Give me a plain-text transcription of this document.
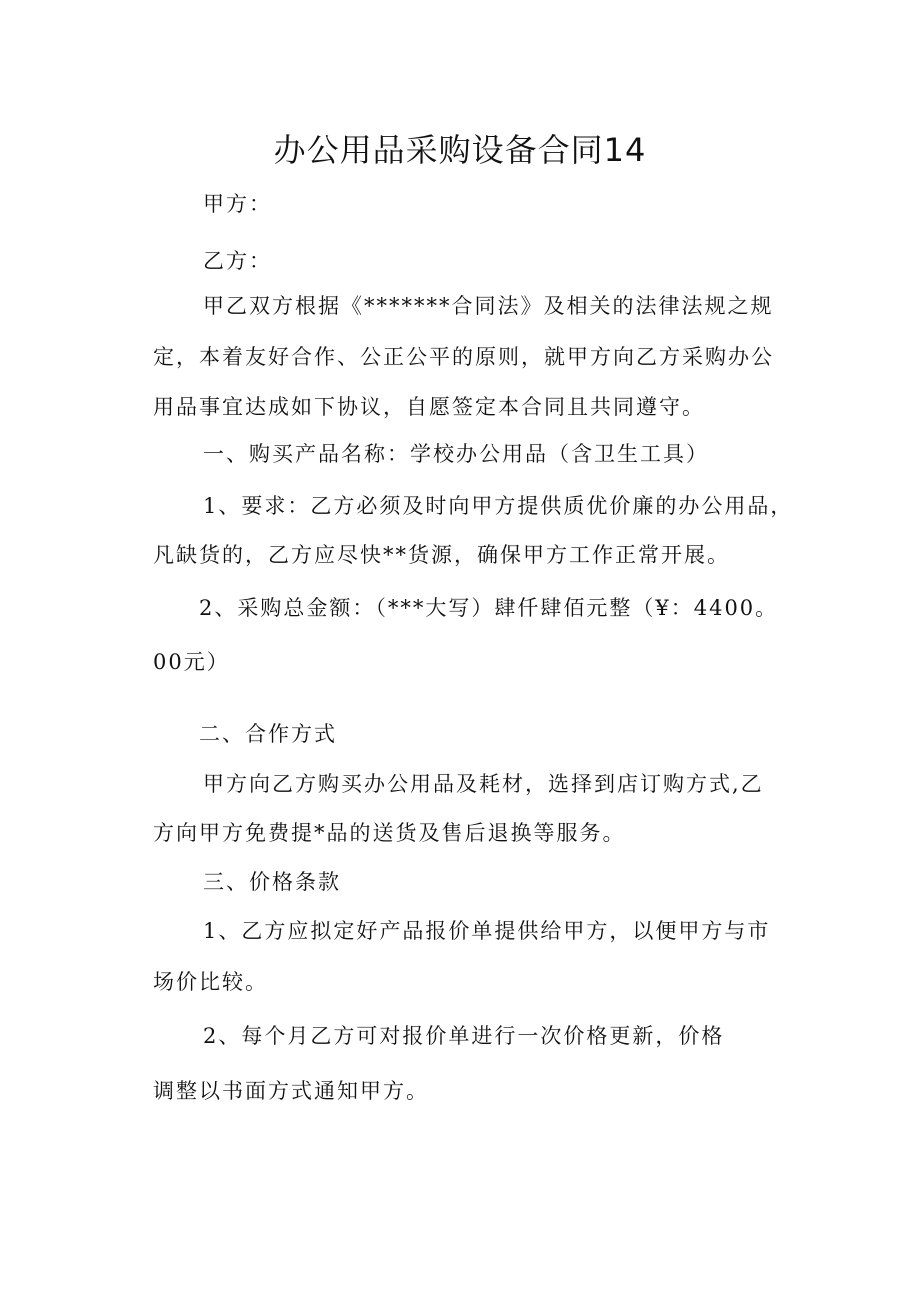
办公用品采购设备合同14

甲方：

乙方：

甲乙双方根据《*******合同法》及相关的法律法规之规

定，本着友好合作、公正公平的原则，就甲方向乙方采购办公

用品事宜达成如下协议，自愿签定本合同且共同遵守。

一、购买产品名称：学校办公用品（含卫生工具）

1、要求：乙方必须及时向甲方提供质优价廉的办公用品，

凡缺货的，乙方应尽快**货源，确保甲方工作正常开展。

2、采购总金额：（***大写）肆仟肆佰元整（¥：4400。

00元）

二、合作方式

甲方向乙方购买办公用品及耗材，选择到店订购方式,乙

方向甲方免费提*品的送货及售后退换等服务。

三、价格条款

1、乙方应拟定好产品报价单提供给甲方，以便甲方与市

场价比较。

2、每个月乙方可对报价单进行一次价格更新，价格

调整以书面方式通知甲方。
